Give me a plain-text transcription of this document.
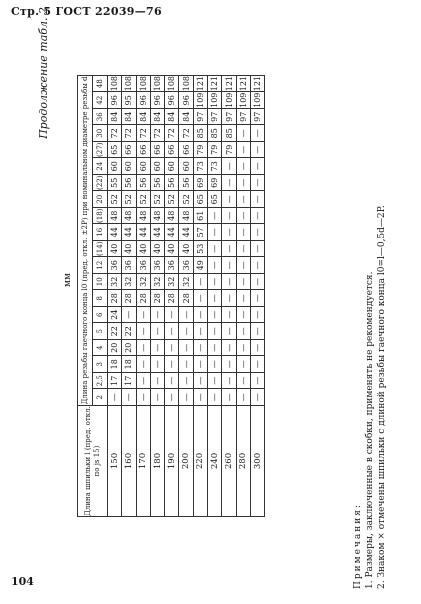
Стр. 5 ГОСТ 22039—76
104
Продолжение табл. 2
мм
Длина шпильки l (пред. откл. по js 15)	Длина резьбы гаечного конца l0 (пред. откл. ±2P) при номинальном диаметре резьбы d																			
	2	2,5	3	4	5	6	8	10	12	(14)	16	(18)	20	(22)	24	(27)	30	36	42	48
150	—	17	18	20	22	24	28	32	36	40	44	48	52	55	60	65	72	84	96	108
160	—	17	18	20	22	—	28	32	36	40	44	48	52	56	60	66	72	84	95	108
170	—	—	—	—	—	—	28	32	36	40	44	48	52	56	60	66	72	84	96	108
180	—	—	—	—	—	—	28	32	36	40	44	48	52	56	60	66	72	84	96	108
190	—	—	—	—	—	—	28	32	36	40	44	48	52	56	60	66	72	84	96	108
200	—	—	—	—	—	—	28	32	36	40	44	48	52	56	60	66	72	84	96	108
220	—	—	—	—	—	—	—	—	49	53	57	61	65	69	73	79	85	97	109	121
240	—	—	—	—	—	—	—	—	—	—	—	—	65	69	73	79	85	97	109	121
260	—	—	—	—	—	—	—	—	—	—	—	—	—	—	—	79	85	97	109	121
280	—	—	—	—	—	—	—	—	—	—	—	—	—	—	—	—	—	97	109	121
300	—	—	—	—	—	—	—	—	—	—	—	—	—	—	—	—	—	97	109	121
Примечания: 1. Размеры, заключенные в скобки, применять не рекомендуется. 2. Знаком × отмечены шпильки с длиной резьбы гаечного конца l0=l—0,5d—2P.
